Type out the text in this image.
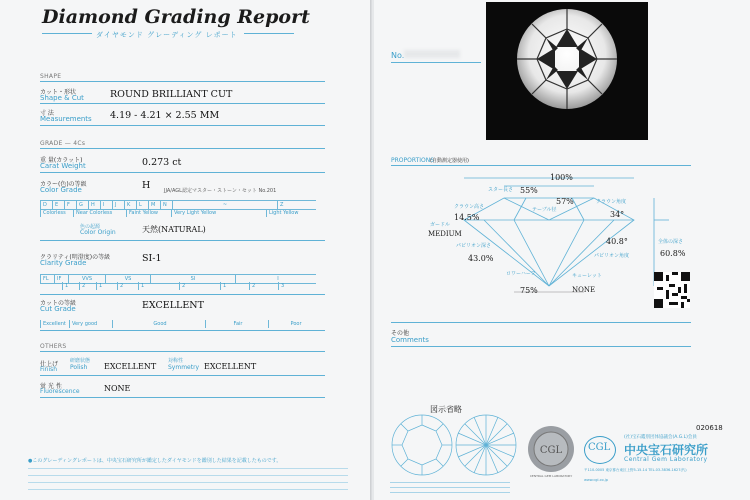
Diamond Grading Report
ダイヤモンド グレーディング レポート
SHAPE
カット・形状
Shape & Cut	ROUND BRILLIANT CUT
寸 法
Measurements 4.19 - 4.21 × 2.55 MM
GRADE — 4Cs
重 量(カラット)
Carat Weight	0.273 ct
カラー(色)の等級
Color Grade	H	JJA/AGL認定マスター・ストーン・セット No.201
D	E	F	G	H	I	J	K	L	M	N	~	Z
Colorless	Near Colorless	Faint Yellow	Very Light Yellow	Light Yellow
色の起源
Color Origin	天然(NATURAL)
クラリティ(明澄度)の等級
Clarity Grade	SI-1
FL	IF	VVS	VS	SI	I
1	2	1	2	1	2	1	2	3
カットの等級
Cut Grade	EXCELLENT
Excellent	Very good	Good	Fair	Poor
OTHERS
仕上げ
Finish
研磨状態
Polish EXCELLENT
対称性
Symmetry EXCELLENT
蛍 光 性
Fluorescence	NONE
●このグレーディングレポートは、中央宝石研究所が鑑定したダイヤモンドを鑑別した結果を記載したものです。
No.
PROPORTIONS
(自動測定器使用)
100%
55%
スター長さ
57%
テーブル径
クラウン高さ
14.5%
クラウン角度
34°
ガードル
MEDIUM
パビリオン深さ
43.0%
40.8°
パビリオン角度
全体の深さ
60.8%
ロワーハーフ
75%
キューレット
NONE
その他
Comments
図示省略
020618
CGL
CENTRAL GEM LABORATORY
CGL
(社)宝石鑑別団体協議会(A.G.L)会員
中央宝石研究所
Central Gem Laboratory
〒110-0005 東京都台東区上野5-15-14 TEL.03-3836-1627(代)
www.cgl.co.jp
